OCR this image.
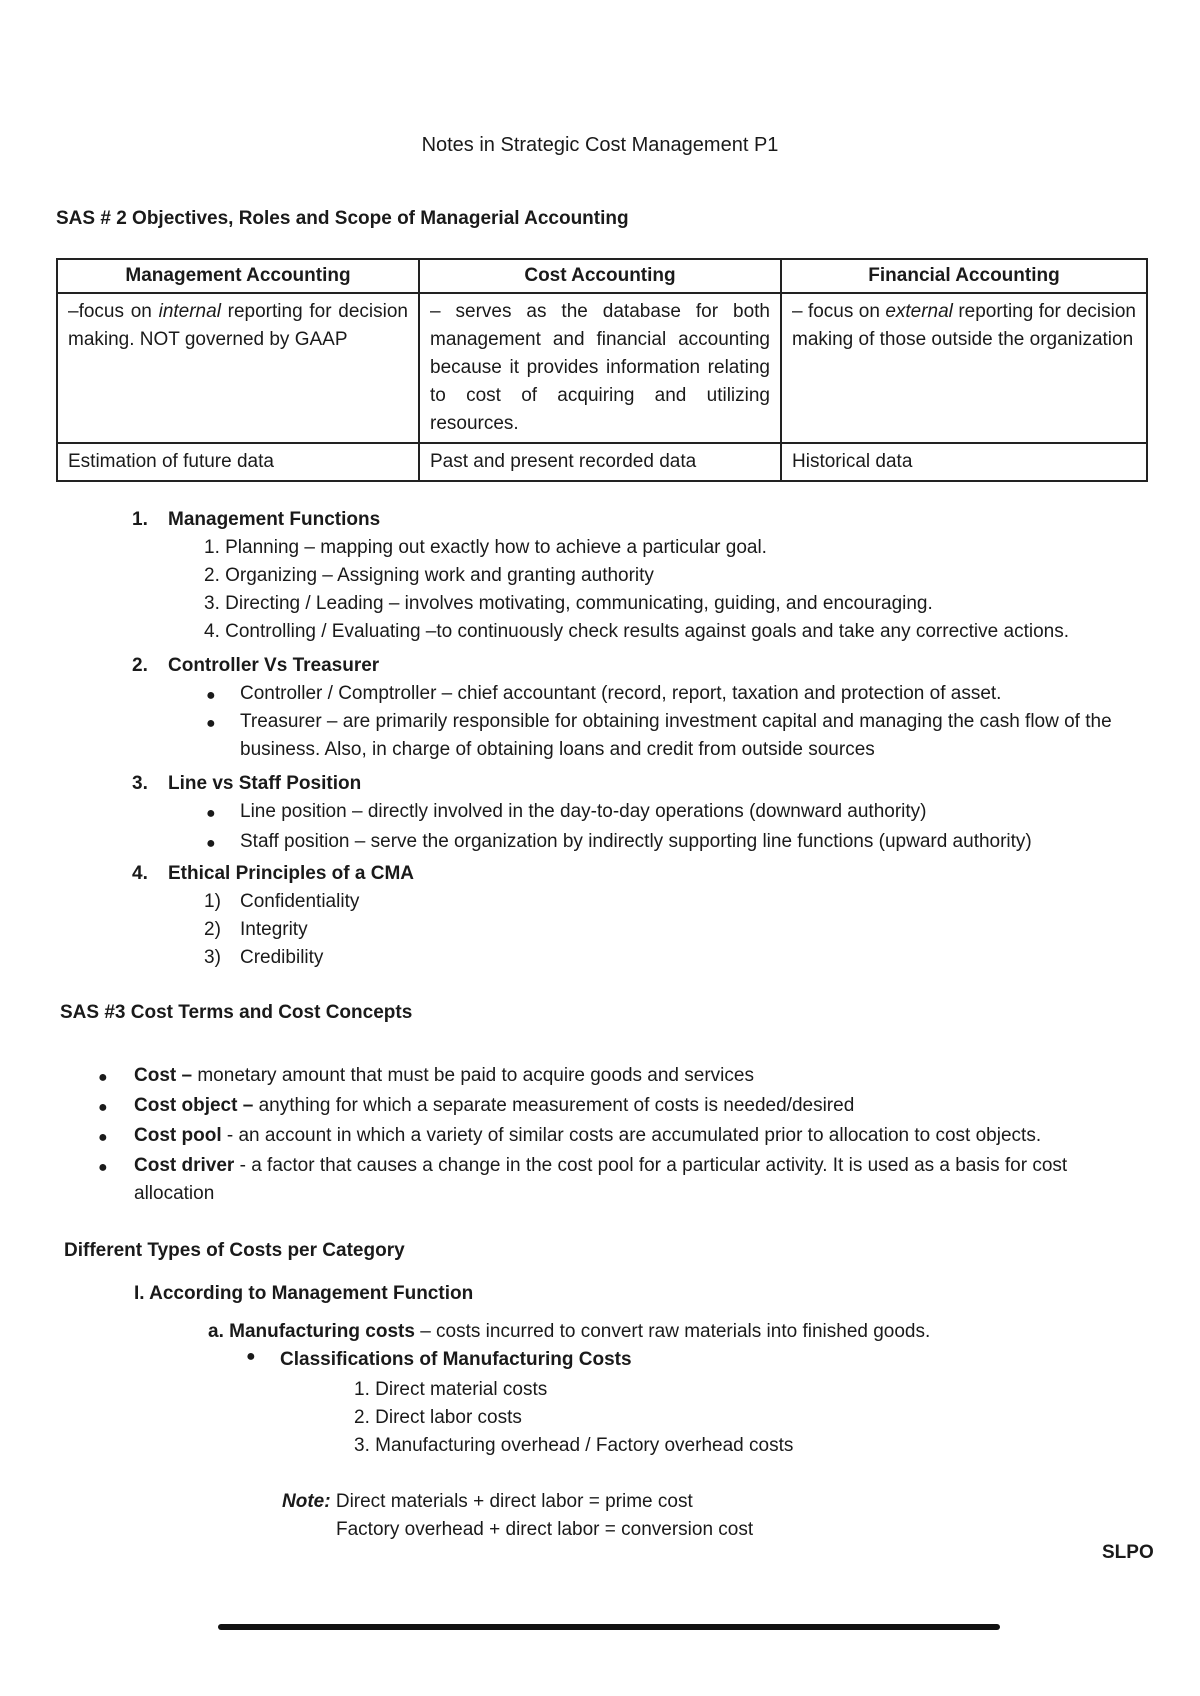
Notes in Strategic Cost Management P1
SAS # 2 Objectives, Roles and Scope of Managerial Accounting
Management Accounting	Cost Accounting	Financial Accounting
–focus on internal reporting for decision making. NOT governed by GAAP	– serves as the database for both management and financial accounting because it provides information relating to cost of acquiring and utilizing resources.	– focus on external reporting for decision making of those outside the organization
Estimation of future data	Past and present recorded data	Historical data
1. Management Functions
1. Planning – mapping out exactly how to achieve a particular goal.
2. Organizing – Assigning work and granting authority
3. Directing / Leading – involves motivating, communicating, guiding, and encouraging.
4. Controlling / Evaluating –to continuously check results against goals and take any corrective actions.
2. Controller Vs Treasurer
● Controller / Comptroller – chief accountant (record, report, taxation and protection of asset.
● Treasurer – are primarily responsible for obtaining investment capital and managing the cash flow of the business. Also, in charge of obtaining loans and credit from outside sources
3. Line vs Staff Position
● Line position – directly involved in the day-to-day operations (downward authority)
● Staff position – serve the organization by indirectly supporting line functions (upward authority)
4. Ethical Principles of a CMA
1) Confidentiality
2) Integrity
3) Credibility
SAS #3 Cost Terms and Cost Concepts
● Cost – monetary amount that must be paid to acquire goods and services
● Cost object – anything for which a separate measurement of costs is needed/desired
● Cost pool - an account in which a variety of similar costs are accumulated prior to allocation to cost objects.
● Cost driver - a factor that causes a change in the cost pool for a particular activity. It is used as a basis for cost allocation
Different Types of Costs per Category
I. According to Management Function
a. Manufacturing costs – costs incurred to convert raw materials into finished goods.
● Classifications of Manufacturing Costs
1. Direct material costs
2. Direct labor costs
3. Manufacturing overhead / Factory overhead costs
Note: Direct materials + direct labor = prime cost
Factory overhead + direct labor = conversion cost
SLPO
